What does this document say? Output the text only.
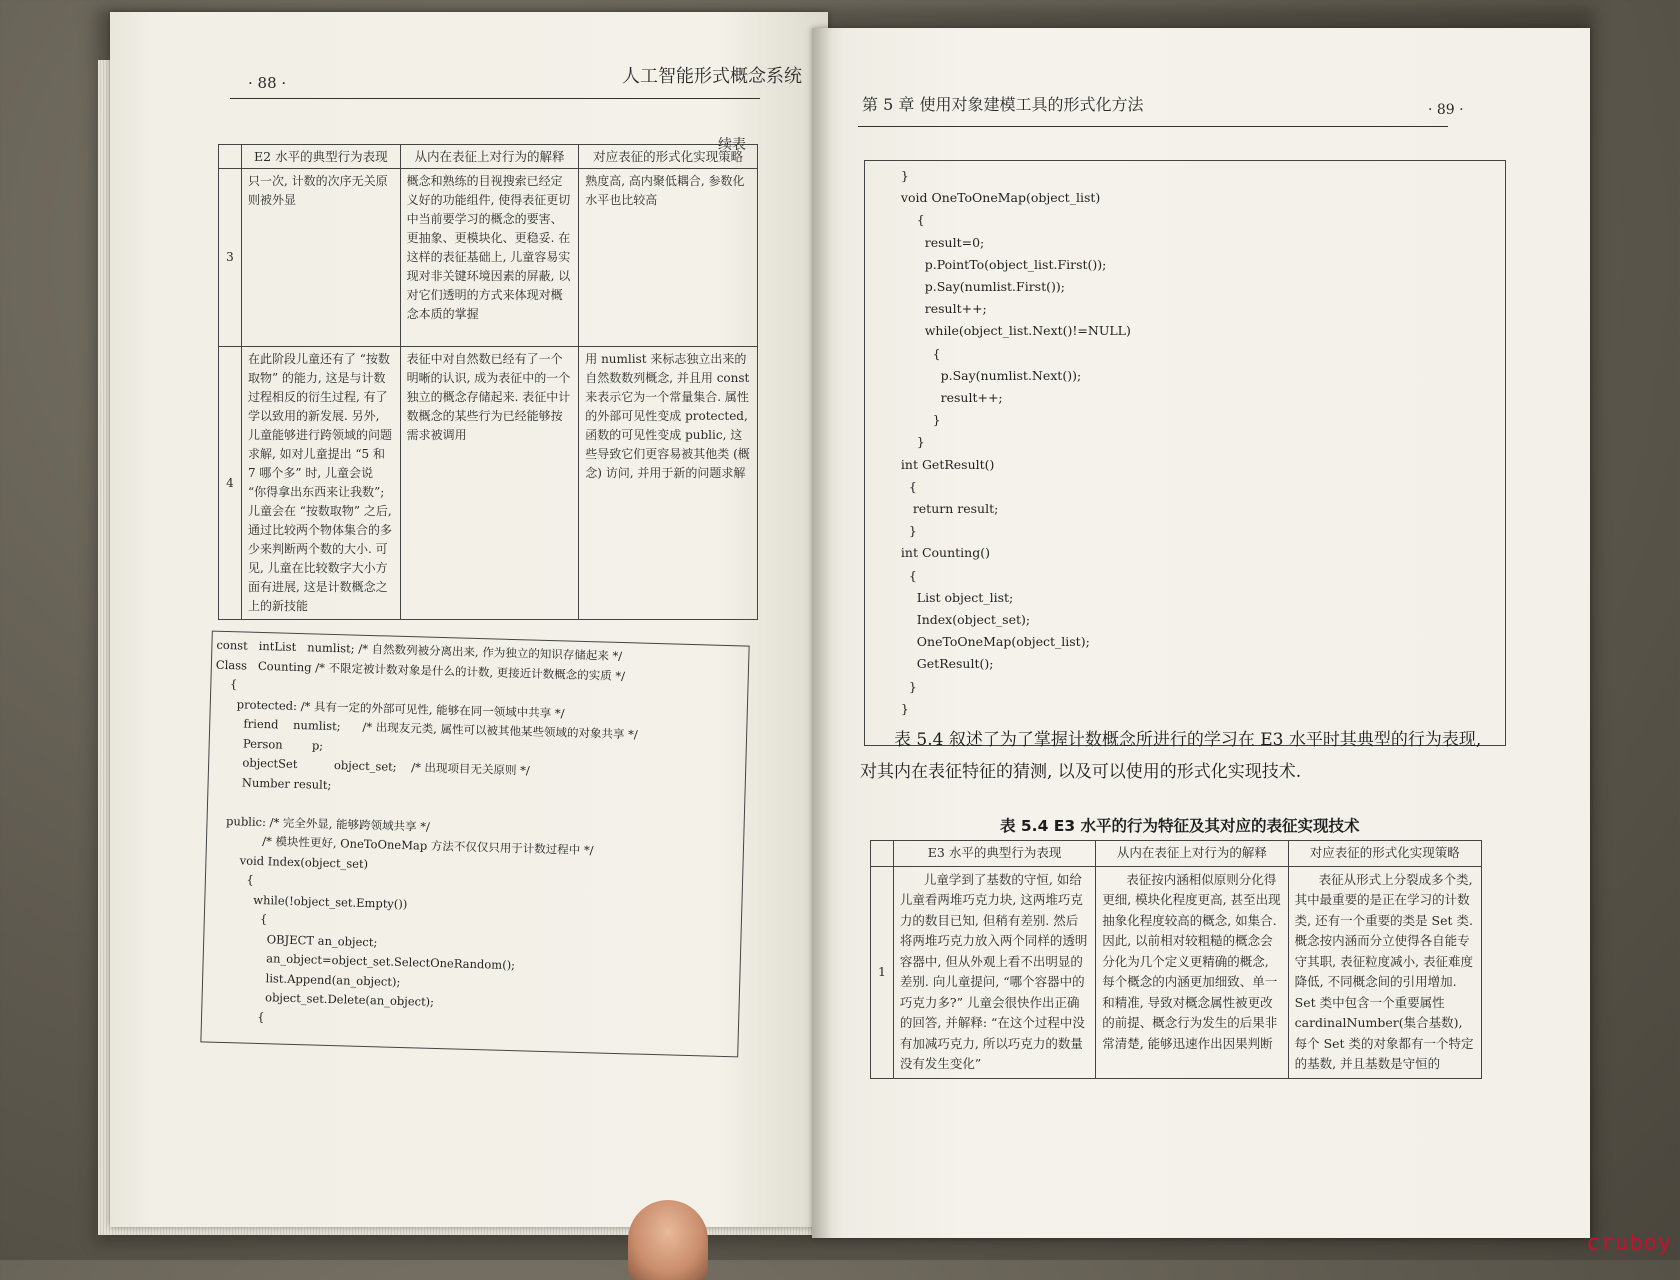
· 88 ·	人工智能形式概念系统
续表
	E2 水平的典型行为表现	从内在表征上对行为的解释	对应表征的形式化实现策略
3	只一次, 计数的次序无关原则被外显	概念和熟练的目视搜索已经定义好的功能组件, 使得表征更切中当前要学习的概念的要害、更抽象、更模块化、更稳妥. 在这样的表征基础上, 儿童容易实现对非关键环境因素的屏蔽, 以对它们透明的方式来体现对概念本质的掌握	熟度高, 高内聚低耦合, 参数化水平也比较高
4	在此阶段儿童还有了 “按数取物” 的能力, 这是与计数过程相反的衍生过程, 有了学以致用的新发展. 另外, 儿童能够进行跨领域的问题求解, 如对儿童提出 “5 和 7 哪个多” 时, 儿童会说 “你得拿出东西来让我数”; 儿童会在 “按数取物” 之后, 通过比较两个物体集合的多少来判断两个数的大小. 可见, 儿童在比较数字大小方面有进展, 这是计数概念之上的新技能	表征中对自然数已经有了一个明晰的认识, 成为表征中的一个独立的概念存储起来. 表征中计数概念的某些行为已经能够按需求被调用	用 numlist 来标志独立出来的自然数数列概念, 并且用 const 来表示它为一个常量集合. 属性的外部可见性变成 protected, 函数的可见性变成 public, 这些导致它们更容易被其他类 (概念) 访问, 并用于新的问题求解
const   intList   numlist; /* 自然数列被分离出来, 作为独立的知识存储起来 */
Class   Counting /* 不限定被计数对象是什么的计数, 更接近计数概念的实质 */
{
protected: /* 具有一定的外部可见性, 能够在同一领域中共享 */
friend    numlist;      /* 出现友元类, 属性可以被其他某些领域的对象共享 */
Person        p;
objectSet          object_set;    /* 出现项目无关原则 */
Number result;

public: /* 完全外显, 能够跨领域共享 */
/* 模块性更好, OneToOneMap 方法不仅仅只用于计数过程中 */
void Index(object_set)
{
while(!object_set.Empty())
{
OBJECT an_object;
an_object=object_set.SelectOneRandom();
list.Append(an_object);
object_set.Delete(an_object);
{
第 5 章 使用对象建模工具的形式化方法	· 89 ·
}
void OneToOneMap(object_list)
{
result=0;
p.PointTo(object_list.First());
p.Say(numlist.First());
result++;
while(object_list.Next()!=NULL)
{
p.Say(numlist.Next());
result++;
}
}
int GetResult()
{
return result;
}
int Counting()
{
List object_list;
Index(object_set);
OneToOneMap(object_list);
GetResult();
}
}
表 5.4 叙述了为了掌握计数概念所进行的学习在 E3 水平时其典型的行为表现, 对其内在表征特征的猜测, 以及可以使用的形式化实现技术.
表 5.4 E3 水平的行为特征及其对应的表征实现技术
	E3 水平的典型行为表现	从内在表征上对行为的解释	对应表征的形式化实现策略
1	儿童学到了基数的守恒, 如给儿童看两堆巧克力块, 这两堆巧克力的数目已知, 但稍有差别. 然后将两堆巧克力放入两个同样的透明容器中, 但从外观上看不出明显的差别. 向儿童提问, “哪个容器中的巧克力多?” 儿童会很快作出正确的回答, 并解释: “在这个过程中没有加减巧克力, 所以巧克力的数量没有发生变化”	表征按内涵相似原则分化得更细, 模块化程度更高, 甚至出现抽象化程度较高的概念, 如集合. 因此, 以前相对较粗糙的概念会分化为几个定义更精确的概念, 每个概念的内涵更加细致、单一和精准, 导致对概念属性被更改的前提、概念行为发生的后果非常清楚, 能够迅速作出因果判断	表征从形式上分裂成多个类, 其中最重要的是正在学习的计数类, 还有一个重要的类是 Set 类. 概念按内涵而分立使得各自能专守其职, 表征粒度减小, 表征难度降低, 不同概念间的引用增加. Set 类中包含一个重要属性 cardinalNumber(集合基数), 每个 Set 类的对象都有一个特定的基数, 并且基数是守恒的
cruboy
